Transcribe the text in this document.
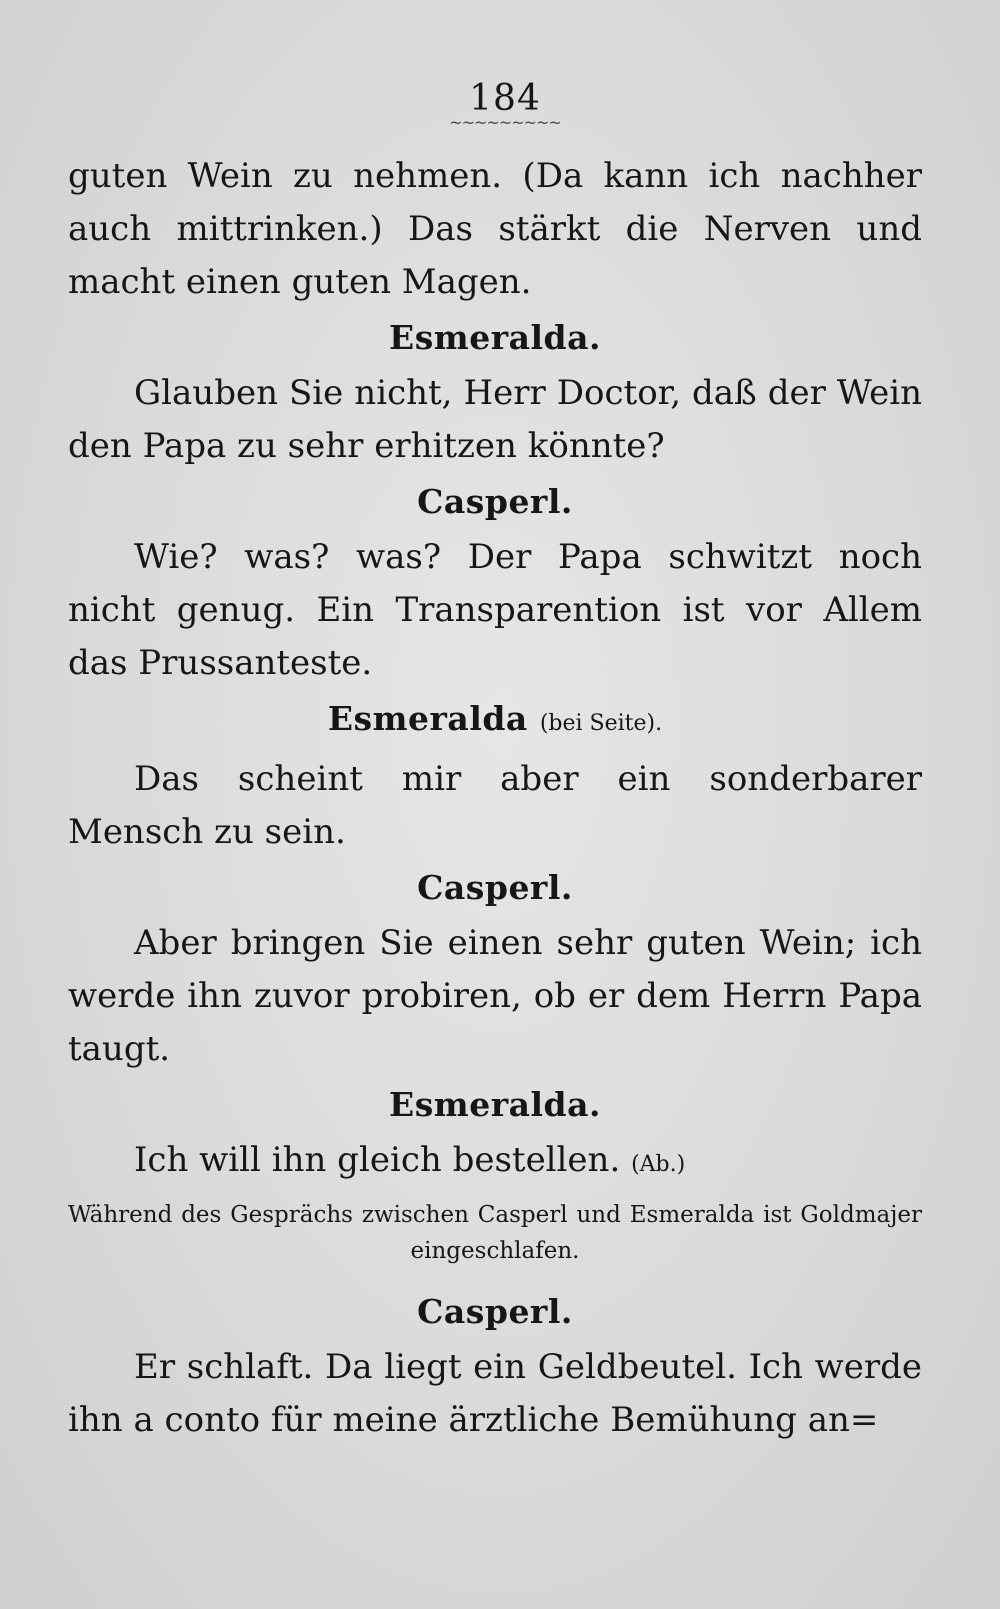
184
~~~~~~~~~

guten Wein zu nehmen. (Da kann ich nachher auch mittrinken.) Das stärkt die Nerven und macht einen guten Magen.

Esmeralda.

Glauben Sie nicht, Herr Doctor, daß der Wein den Papa zu sehr erhitzen könnte?

Casperl.

Wie? was? was? Der Papa schwitzt noch nicht genug. Ein Transparention ist vor Allem das Prussanteste.

Esmeralda (bei Seite).

Das scheint mir aber ein sonderbarer Mensch zu sein.

Casperl.

Aber bringen Sie einen sehr guten Wein; ich werde ihn zuvor probiren, ob er dem Herrn Papa taugt.

Esmeralda.

Ich will ihn gleich bestellen. (Ab.)

Während des Gesprächs zwischen Casperl und Esmeralda ist Goldmajer eingeschlafen.

Casperl.

Er schlaft. Da liegt ein Geldbeutel. Ich werde ihn a conto für meine ärztliche Bemühung an=
